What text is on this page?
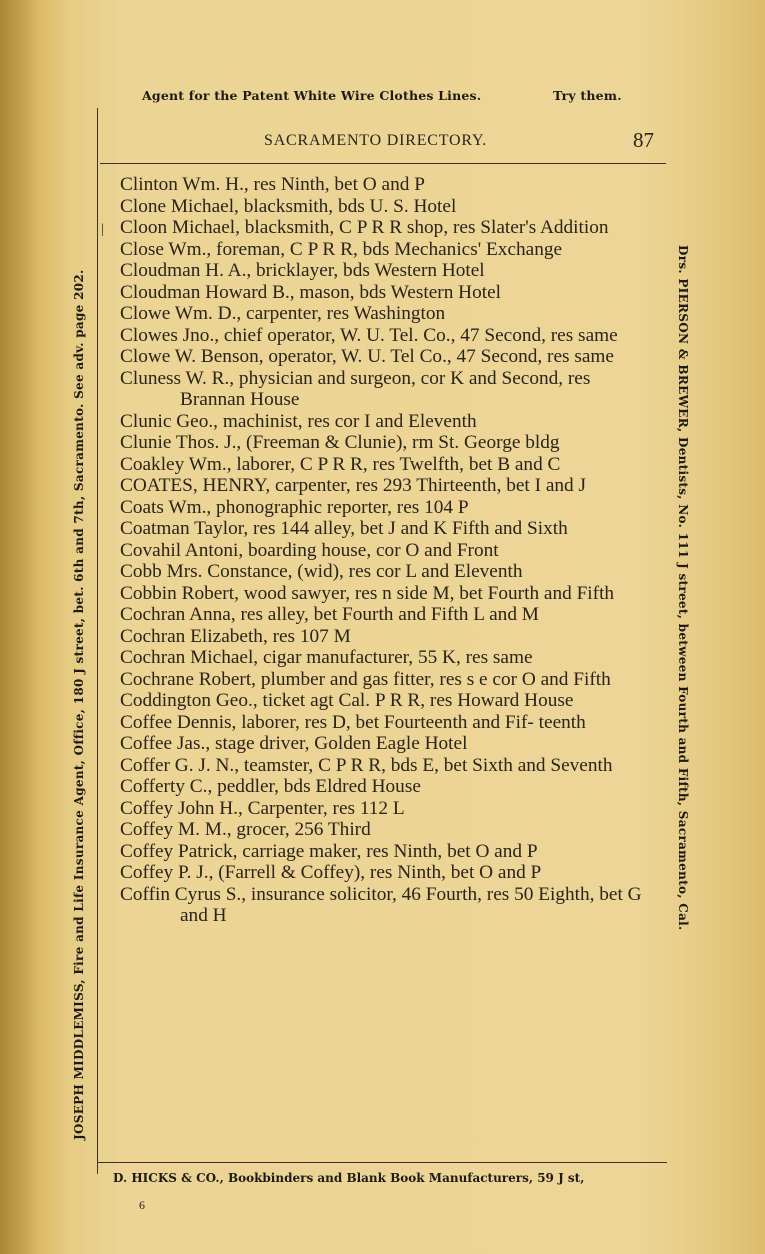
Agent for the Patent White Wire Clothes Lines.	Try them.
SACRAMENTO DIRECTORY.	87
|

Clinton Wm. H., res Ninth, bet O and P

Clone Michael, blacksmith, bds U. S. Hotel

Cloon Michael, blacksmith, C P R R shop, res Slater's Addition

Close Wm., foreman, C P R R, bds Mechanics' Exchange

Cloudman H. A., bricklayer, bds Western Hotel

Cloudman Howard B., mason, bds Western Hotel

Clowe Wm. D., carpenter, res Washington

Clowes Jno., chief operator, W. U. Tel. Co., 47 Second, res same

Clowe W. Benson, operator, W. U. Tel Co., 47 Second, res same

Cluness W. R., physician and surgeon, cor K and Second, res Brannan House

Clunic Geo., machinist, res cor I and Eleventh

Clunie Thos. J., (Freeman & Clunie), rm St. George bldg

Coakley Wm., laborer, C P R R, res Twelfth, bet B and C

COATES, HENRY, carpenter, res 293 Thirteenth, bet I and J

Coats Wm., phonographic reporter, res 104 P

Coatman Taylor, res 144 alley, bet J and K Fifth and Sixth

Covahil Antoni, boarding house, cor O and Front

Cobb Mrs. Constance, (wid), res cor L and Eleventh

Cobbin Robert, wood sawyer, res n side M, bet Fourth and Fifth

Cochran Anna, res alley, bet Fourth and Fifth L and M

Cochran Elizabeth, res 107 M

Cochran Michael, cigar manufacturer, 55 K, res same

Cochrane Robert, plumber and gas fitter, res s e cor O and Fifth

Coddington Geo., ticket agt Cal. P R R, res Howard House

Coffee Dennis, laborer, res D, bet Fourteenth and Fif- teenth

Coffee Jas., stage driver, Golden Eagle Hotel

Coffer G. J. N., teamster, C P R R, bds E, bet Sixth and Seventh

Cofferty C., peddler, bds Eldred House

Coffey John H., Carpenter, res 112 L

Coffey M. M., grocer, 256 Third

Coffey Patrick, carriage maker, res Ninth, bet O and P

Coffey P. J., (Farrell & Coffey), res Ninth, bet O and P

Coffin Cyrus S., insurance solicitor, 46 Fourth, res 50 Eighth, bet G and H

JOSEPH MIDDLEMISS, Fire and Life Insurance Agent, Office, 180 J street, bet. 6th and 7th, Sacramento. See adv. page 202.	Drs. PIERSON & BREWER, Dentists, No. 111 J street, between Fourth and Fifth, Sacramento, Cal.
D. HICKS & CO., Bookbinders and Blank Book Manufacturers, 59 J st,
6
